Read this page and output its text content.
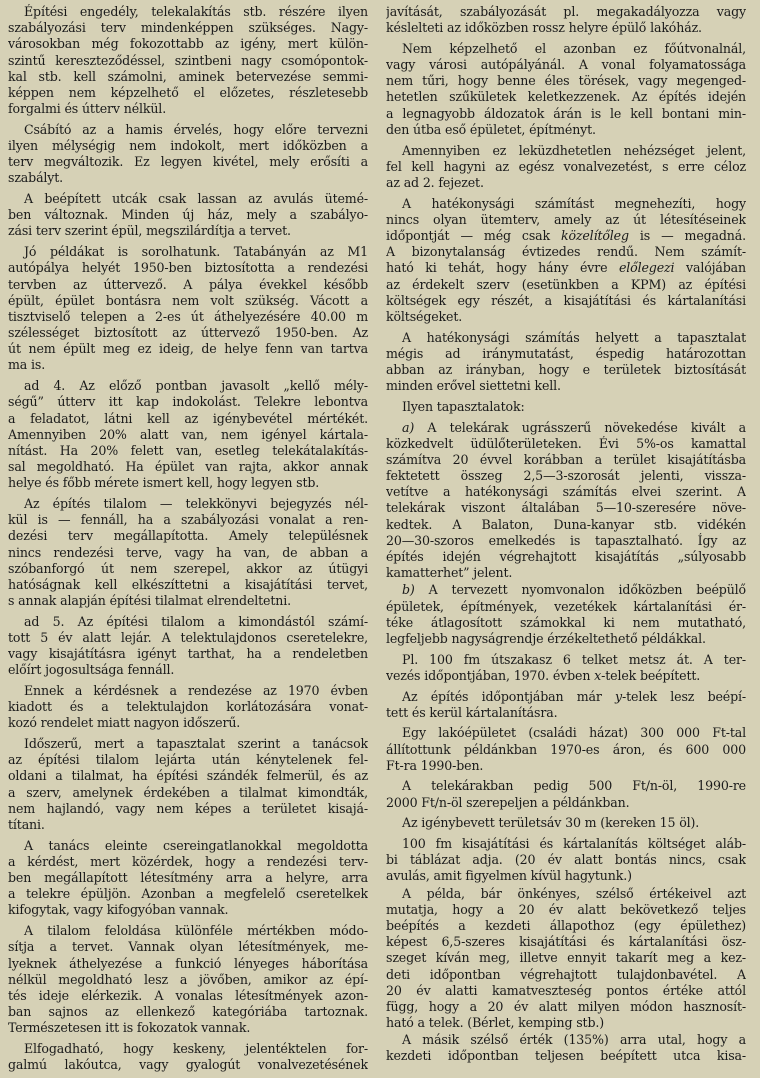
Építési engedély, telekalakítás stb. részére ilyen
szabályozási terv mindenképpen szükséges. Nagy-
városokban még fokozottabb az igény, mert külön-
szintű kereszteződéssel, szintbeni nagy csomópontok-
kal stb. kell számolni, aminek betervezése semmi-
képpen nem képzelhető el előzetes, részletesebb
forgalmi és útterv nélkül.
Csábító az a hamis érvelés, hogy előre tervezni
ilyen mélységig nem indokolt, mert időközben a
terv megváltozik. Ez legyen kivétel, mely erősíti a
szabályt.
A beépített utcák csak lassan az avulás ütemé-
ben változnak. Minden új ház, mely a szabályo-
zási terv szerint épül, megszilárdítja a tervet.
Jó példákat is sorolhatunk. Tatabányán az M1
autópálya helyét 1950-ben biztosította a rendezési
tervben az úttervező. A pálya évekkel később
épült, épület bontásra nem volt szükség. Vácott a
tisztviselő telepen a 2-es út áthelyezésére 40.00 m
szélességet biztosított az úttervező 1950-ben. Az
út nem épült meg ez ideig, de helye fenn van tartva
ma is.
ad 4. Az előző pontban javasolt „kellő mély-
ségű” útterv itt kap indokolást. Telekre lebontva
a feladatot, látni kell az igénybevétel mértékét.
Amennyiben 20% alatt van, nem igényel kártala-
nítást. Ha 20% felett van, esetleg telekátalakítás-
sal megoldható. Ha épület van rajta, akkor annak
helye és főbb mérete ismert kell, hogy legyen stb.
Az építés tilalom — telekkönyvi bejegyzés nél-
kül is — fennáll, ha a szabályozási vonalat a ren-
dezési terv megállapította. Amely településnek
nincs rendezési terve, vagy ha van, de abban a
szóbanforgó út nem szerepel, akkor az útügyi
hatóságnak kell elkészíttetni a kisajátítási tervet,
s annak alapján építési tilalmat elrendeltetni.
ad 5. Az építési tilalom a kimondástól számí-
tott 5 év alatt lejár. A telektulajdonos cseretelekre,
vagy kisajátításra igényt tarthat, ha a rendeletben
előírt jogosultsága fennáll.
Ennek a kérdésnek a rendezése az 1970 évben
kiadott és a telektulajdon korlátozására vonat-
kozó rendelet miatt nagyon időszerű.
Időszerű, mert a tapasztalat szerint a tanácsok
az építési tilalom lejárta után kénytelenek fel-
oldani a tilalmat, ha építési szándék felmerül, és az
a szerv, amelynek érdekében a tilalmat kimondták,
nem hajlandó, vagy nem képes a területet kisajá-
títani.
A tanács eleinte csereingatlanokkal megoldotta
a kérdést, mert közérdek, hogy a rendezési terv-
ben megállapított létesítmény arra a helyre, arra
a telekre épüljön. Azonban a megfelelő cseretelkek
kifogytak, vagy kifogyóban vannak.
A tilalom feloldása különféle mértékben módo-
sítja a tervet. Vannak olyan létesítmények, me-
lyeknek áthelyezése a funkció lényeges háborítása
nélkül megoldható lesz a jövőben, amikor az épí-
tés ideje elérkezik. A vonalas létesítmények azon-
ban sajnos az ellenkező kategóriába tartoznak.
Természetesen itt is fokozatok vannak.
Elfogadható, hogy keskeny, jelentéktelen for-
galmú lakóutca, vagy gyalogút vonalvezetésének
javítását, szabályozását pl. megakadályozza vagy
késlelteti az időközben rossz helyre épülő lakóház.
Nem képzelhető el azonban ez főútvonalnál,
vagy városi autópályánál. A vonal folyamatossága
nem tűri, hogy benne éles törések, vagy megenged-
hetetlen szűkületek keletkezzenek. Az építés idején
a legnagyobb áldozatok árán is le kell bontani min-
den útba eső épületet, építményt.
Amennyiben ez leküzdhetetlen nehézséget jelent,
fel kell hagyni az egész vonalvezetést, s erre céloz
az ad 2. fejezet.
A hatékonysági számítást megnehezíti, hogy
nincs olyan ütemterv, amely az út létesítéseinek
időpontját — még csak közelítőleg is — megadná.
A bizonytalanság évtizedes rendű. Nem számít-
ható ki tehát, hogy hány évre előlegezi valójában
az érdekelt szerv (esetünkben a KPM) az építési
költségek egy részét, a kisajátítási és kártalanítási
költségeket.
A hatékonysági számítás helyett a tapasztalat
mégis ad iránymutatást, éspedig határozottan
abban az irányban, hogy e területek biztosítását
minden erővel siettetni kell.
Ilyen tapasztalatok:
a) A telekárak ugrásszerű növekedése kivált a
közkedvelt üdülőterületeken. Évi 5%-os kamattal
számítva 20 évvel korábban a terület kisajátításba
fektetett összeg 2,5—3-szorosát jelenti, vissza-
vetítve a hatékonysági számítás elvei szerint. A
telekárak viszont általában 5—10-szeresére növe-
kedtek. A Balaton, Duna-kanyar stb. vidékén
20—30-szoros emelkedés is tapasztalható. Így az
építés idején végrehajtott kisajátítás „súlyosabb
kamatterhet” jelent.
b) A tervezett nyomvonalon időközben beépülő
épületek, építmények, vezetékek kártalanítási ér-
téke átlagosított számokkal ki nem mutatható,
legfeljebb nagyságrendje érzékeltethető példákkal.
Pl. 100 fm útszakasz 6 telket metsz át. A ter-
vezés időpontjában, 1970. évben x-telek beépített.
Az építés időpontjában már y-telek lesz beépí-
tett és kerül kártalanításra.
Egy lakóépületet (családi házat) 300 000 Ft-tal
állítottunk példánkban 1970-es áron, és 600 000
Ft-ra 1990-ben.
A telekárakban pedig 500 Ft/n-öl, 1990-re
2000 Ft/n-öl szerepeljen a példánkban.
Az igénybevett területsáv 30 m (kereken 15 öl).
100 fm kisajátítási és kártalanítás költséget aláb-
bi táblázat adja. (20 év alatt bontás nincs, csak
avulás, amit figyelmen kívül hagytunk.)
A példa, bár önkényes, szélső értékeivel azt
mutatja, hogy a 20 év alatt bekövetkező teljes
beépítés a kezdeti állapothoz (egy épülethez)
képest 6,5-szeres kisajátítási és kártalanítási ösz-
szeget kíván meg, illetve ennyit takarít meg a kez-
deti időpontban végrehajtott tulajdonbavétel. A
20 év alatti kamatveszteség pontos értéke attól
függ, hogy a 20 év alatt milyen módon hasznosít-
ható a telek. (Bérlet, kemping stb.)
A másik szélső érték (135%) arra utal, hogy a
kezdeti időpontban teljesen beépített utca kisa-
